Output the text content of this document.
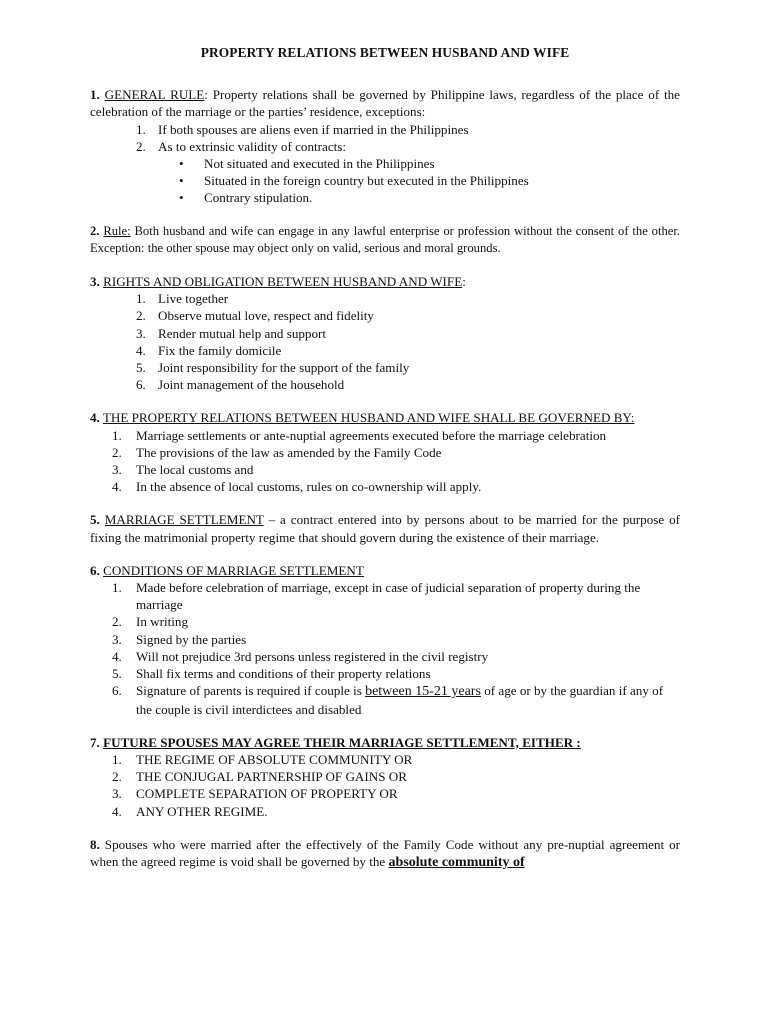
PROPERTY RELATIONS BETWEEN HUSBAND AND WIFE

1. GENERAL RULE: Property relations shall be governed by Philippine laws, regardless of the place of the celebration of the marriage or the parties’ residence, exceptions:

1. If both spouses are aliens even if married in the Philippines
2. As to extrinsic validity of contracts:
• Not situated and executed in the Philippines
• Situated in the foreign country but executed in the Philippines
• Contrary stipulation.

2. Rule: Both husband and wife can engage in any lawful enterprise or profession without the consent of the other. Exception: the other spouse may object only on valid, serious and moral grounds.

3. RIGHTS AND OBLIGATION BETWEEN HUSBAND AND WIFE:

1. Live together
2. Observe mutual love, respect and fidelity
3. Render mutual help and support
4. Fix the family domicile
5. Joint responsibility for the support of the family
6. Joint management of the household

4. THE PROPERTY RELATIONS BETWEEN HUSBAND AND WIFE SHALL BE GOVERNED BY:

1. Marriage settlements or ante-nuptial agreements executed before the marriage celebration
2. The provisions of the law as amended by the Family Code
3. The local customs and
4. In the absence of local customs, rules on co-ownership will apply.

5. MARRIAGE SETTLEMENT – a contract entered into by persons about to be married for the purpose of fixing the matrimonial property regime that should govern during the existence of their marriage.

6. CONDITIONS OF MARRIAGE SETTLEMENT

1. Made before celebration of marriage, except in case of judicial separation of property during the marriage
2. In writing
3. Signed by the parties
4. Will not prejudice 3rd persons unless registered in the civil registry
5. Shall fix terms and conditions of their property relations
6. Signature of parents is required if couple is between 15-21 years of age or by the guardian if any of the couple is civil interdictees and disabled

7. FUTURE SPOUSES MAY AGREE THEIR MARRIAGE SETTLEMENT, EITHER :

1. THE REGIME OF ABSOLUTE COMMUNITY OR
2. THE CONJUGAL PARTNERSHIP OF GAINS OR
3. COMPLETE SEPARATION OF PROPERTY OR
4. ANY OTHER REGIME.

8. Spouses who were married after the effectively of the Family Code without any pre-nuptial agreement or when the agreed regime is void shall be governed by the absolute community of
